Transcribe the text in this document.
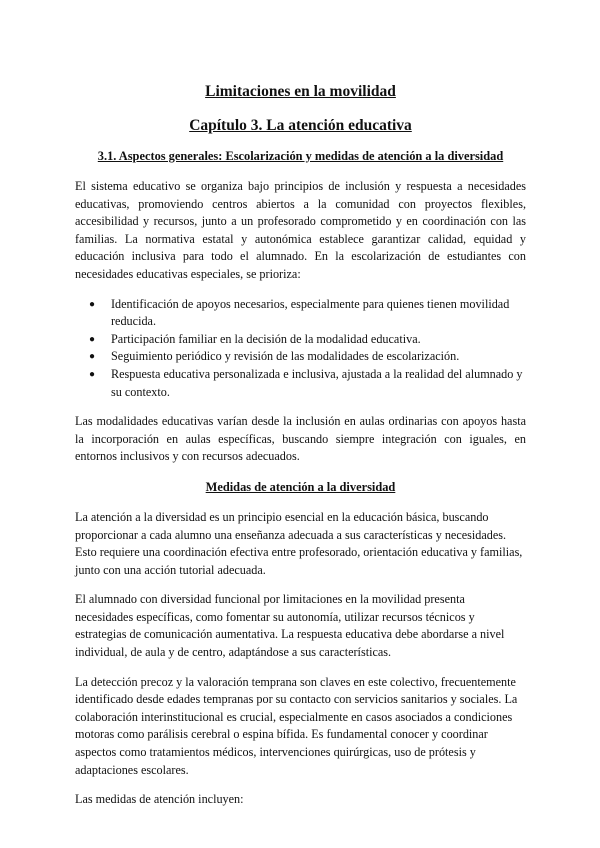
Limitaciones en la movilidad
Capítulo 3. La atención educativa
3.1. Aspectos generales: Escolarización y medidas de atención a la diversidad

El sistema educativo se organiza bajo principios de inclusión y respuesta a necesidades educativas, promoviendo centros abiertos a la comunidad con proyectos flexibles, accesibilidad y recursos, junto a un profesorado comprometido y en coordinación con las familias. La normativa estatal y autonómica establece garantizar calidad, equidad y educación inclusiva para todo el alumnado. En la escolarización de estudiantes con necesidades educativas especiales, se prioriza:

● Identificación de apoyos necesarios, especialmente para quienes tienen movilidad reducida.
● Participación familiar en la decisión de la modalidad educativa.
● Seguimiento periódico y revisión de las modalidades de escolarización.
● Respuesta educativa personalizada e inclusiva, ajustada a la realidad del alumnado y su contexto.

Las modalidades educativas varían desde la inclusión en aulas ordinarias con apoyos hasta la incorporación en aulas específicas, buscando siempre integración con iguales, en entornos inclusivos y con recursos adecuados.

Medidas de atención a la diversidad

La atención a la diversidad es un principio esencial en la educación básica, buscando proporcionar a cada alumno una enseñanza adecuada a sus características y necesidades. Esto requiere una coordinación efectiva entre profesorado, orientación educativa y familias, junto con una acción tutorial adecuada.

El alumnado con diversidad funcional por limitaciones en la movilidad presenta necesidades específicas, como fomentar su autonomía, utilizar recursos técnicos y estrategias de comunicación aumentativa. La respuesta educativa debe abordarse a nivel individual, de aula y de centro, adaptándose a sus características.

La detección precoz y la valoración temprana son claves en este colectivo, frecuentemente identificado desde edades tempranas por su contacto con servicios sanitarios y sociales. La colaboración interinstitucional es crucial, especialmente en casos asociados a condiciones motoras como parálisis cerebral o espina bífida. Es fundamental conocer y coordinar aspectos como tratamientos médicos, intervenciones quirúrgicas, uso de prótesis y adaptaciones escolares.

Las medidas de atención incluyen:
